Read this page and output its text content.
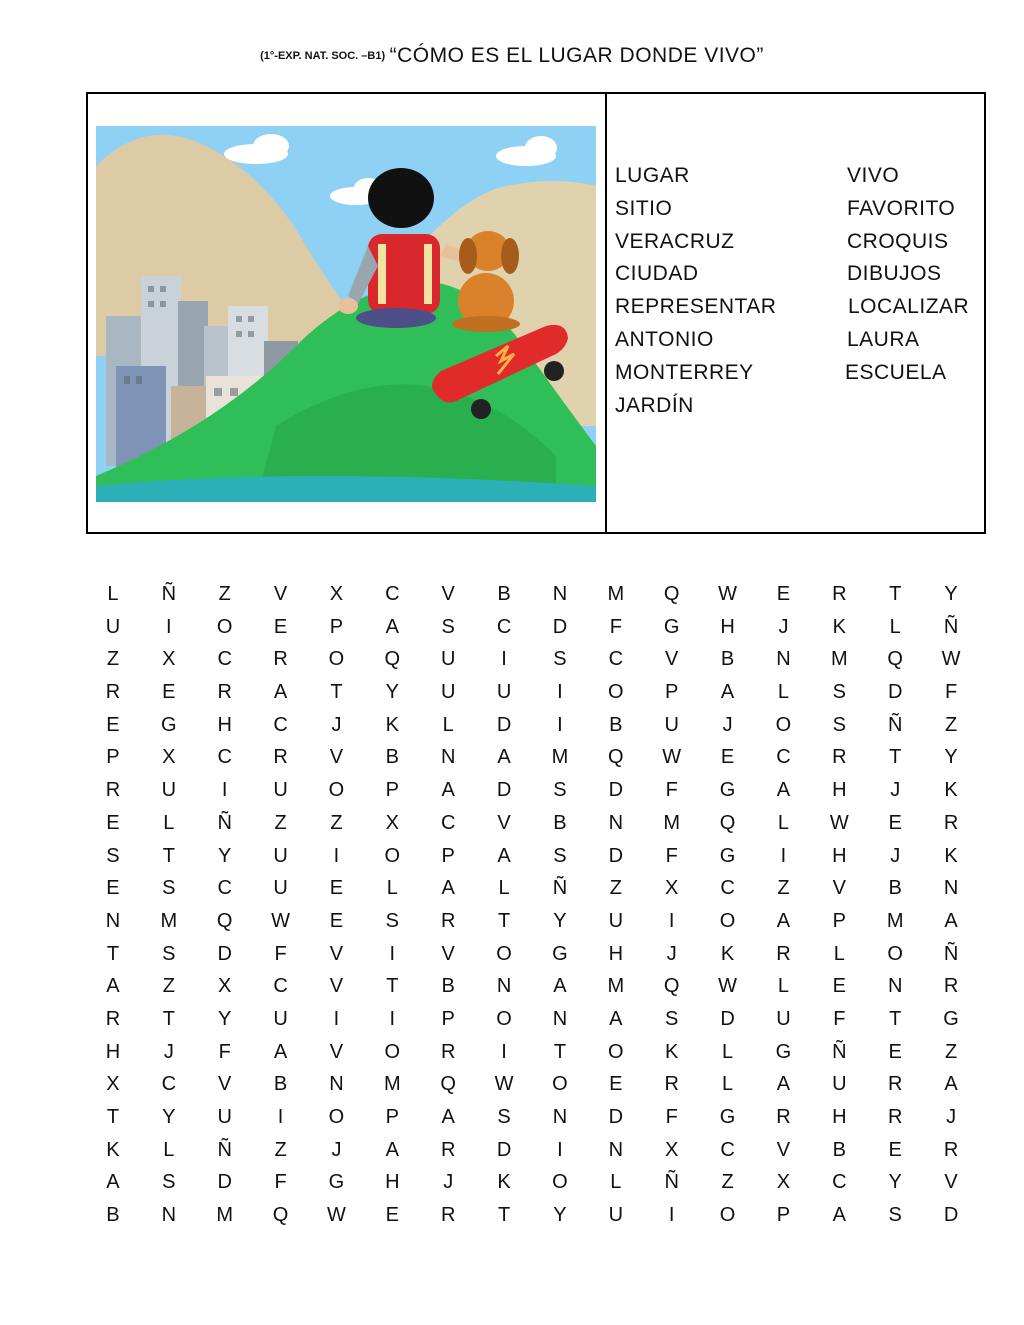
(1°-EXP. NAT. SOC. –B1) “CÓMO ES EL LUGAR DONDE VIVO”
LUGAR
SITIO
VERACRUZ
CIUDAD
REPRESENTAR
ANTONIO
MONTERREY
JARDÍN
VIVO
FAVORITO
CROQUIS
DIBUJOS
LOCALIZAR
LAURA
ESCUELA
L	Ñ	Z	V	X	C	V	B	N	M	Q	W	E	R	T	Y
U	I	O	E	P	A	S	C	D	F	G	H	J	K	L	Ñ
Z	X	C	R	O	Q	U	I	S	C	V	B	N	M	Q	W
R	E	R	A	T	Y	U	U	I	O	P	A	L	S	D	F
E	G	H	C	J	K	L	D	I	B	U	J	O	S	Ñ	Z
P	X	C	R	V	B	N	A	M	Q	W	E	C	R	T	Y
R	U	I	U	O	P	A	D	S	D	F	G	A	H	J	K
E	L	Ñ	Z	Z	X	C	V	B	N	M	Q	L	W	E	R
S	T	Y	U	I	O	P	A	S	D	F	G	I	H	J	K
E	S	C	U	E	L	A	L	Ñ	Z	X	C	Z	V	B	N
N	M	Q	W	E	S	R	T	Y	U	I	O	A	P	M	A
T	S	D	F	V	I	V	O	G	H	J	K	R	L	O	Ñ
A	Z	X	C	V	T	B	N	A	M	Q	W	L	E	N	R
R	T	Y	U	I	I	P	O	N	A	S	D	U	F	T	G
H	J	F	A	V	O	R	I	T	O	K	L	G	Ñ	E	Z
X	C	V	B	N	M	Q	W	O	E	R	L	A	U	R	A
T	Y	U	I	O	P	A	S	N	D	F	G	R	H	R	J
K	L	Ñ	Z	J	A	R	D	I	N	X	C	V	B	E	R
A	S	D	F	G	H	J	K	O	L	Ñ	Z	X	C	Y	V
B	N	M	Q	W	E	R	T	Y	U	I	O	P	A	S	D
